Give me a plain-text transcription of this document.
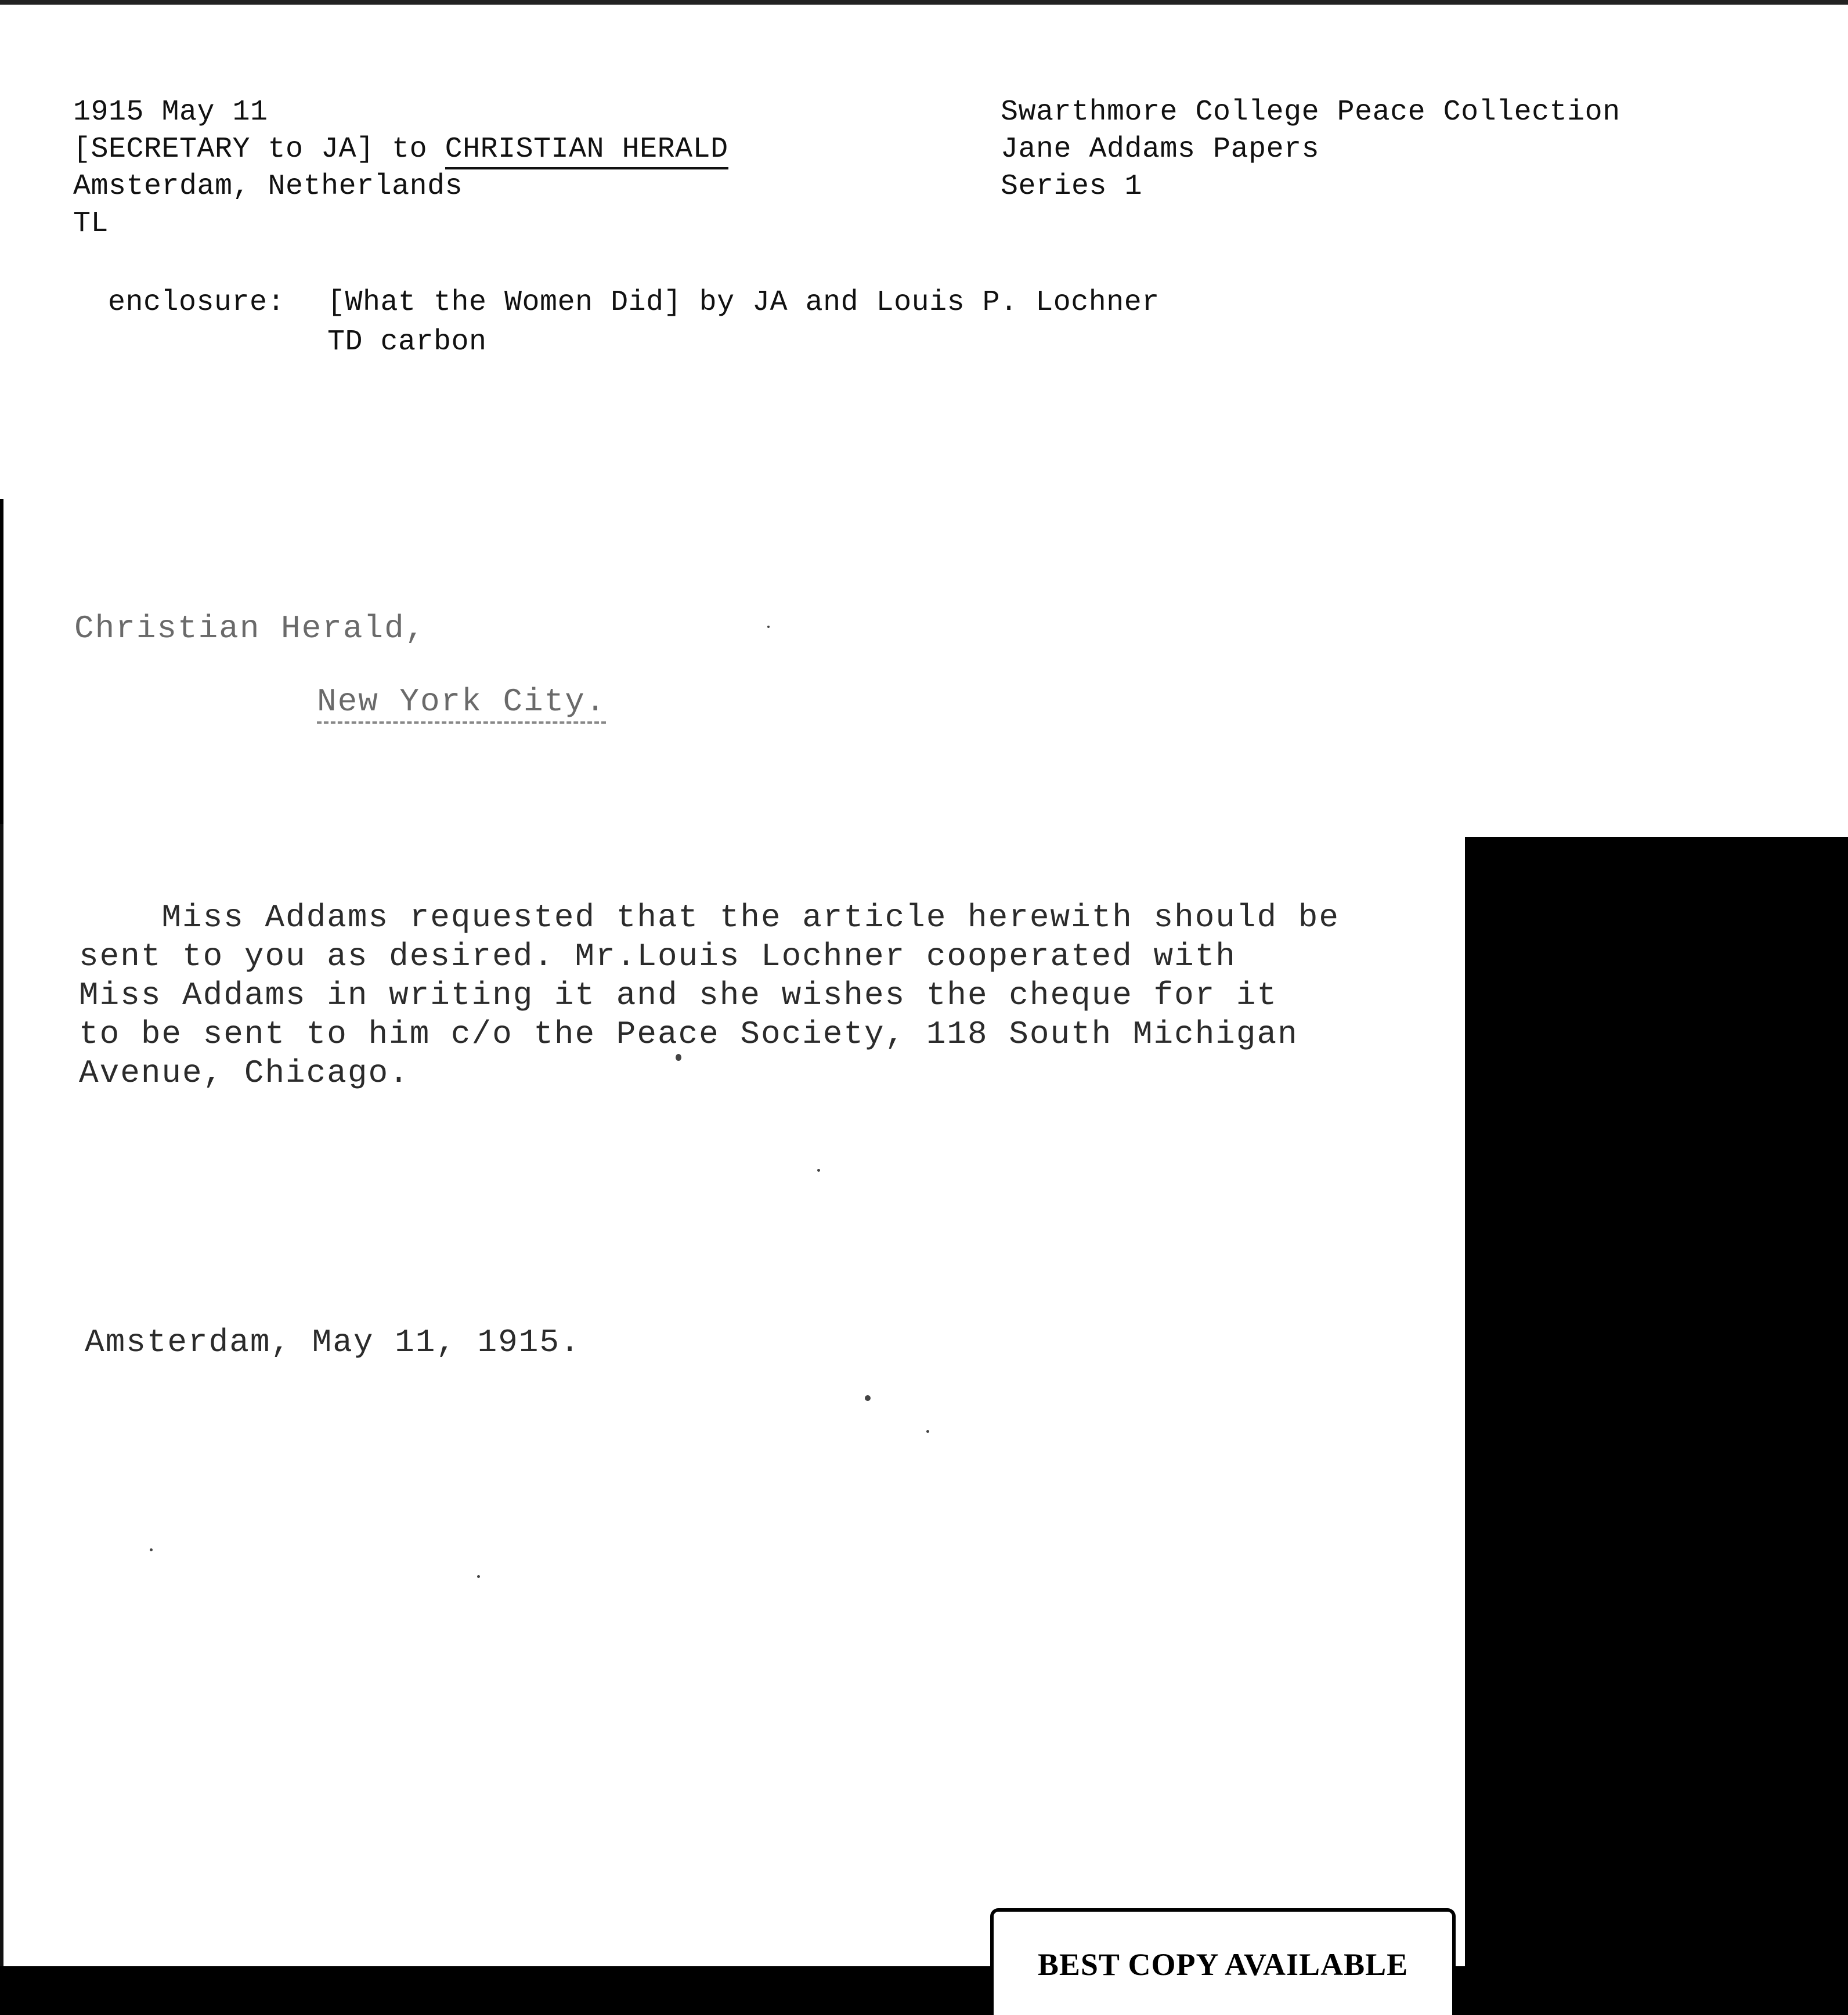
1915 May 11
[SECRETARY to JA] to CHRISTIAN HERALD
Amsterdam, Netherlands
TL
Swarthmore College Peace Collection
Jane Addams Papers
Series 1
enclosure: [What the Women Did] by JA and Louis P. Lochner
TD carbon
Christian Herald,
New York City.
Miss Addams requested that the article herewith should be
sent to you as desired. Mr.Louis Lochner cooperated with
Miss Addams in writing it and she wishes the cheque for it
to be sent to him c/o the Peace Society, 118 South Michigan
Avenue, Chicago.
Amsterdam, May 11, 1915.

BEST COPY AVAILABLE
